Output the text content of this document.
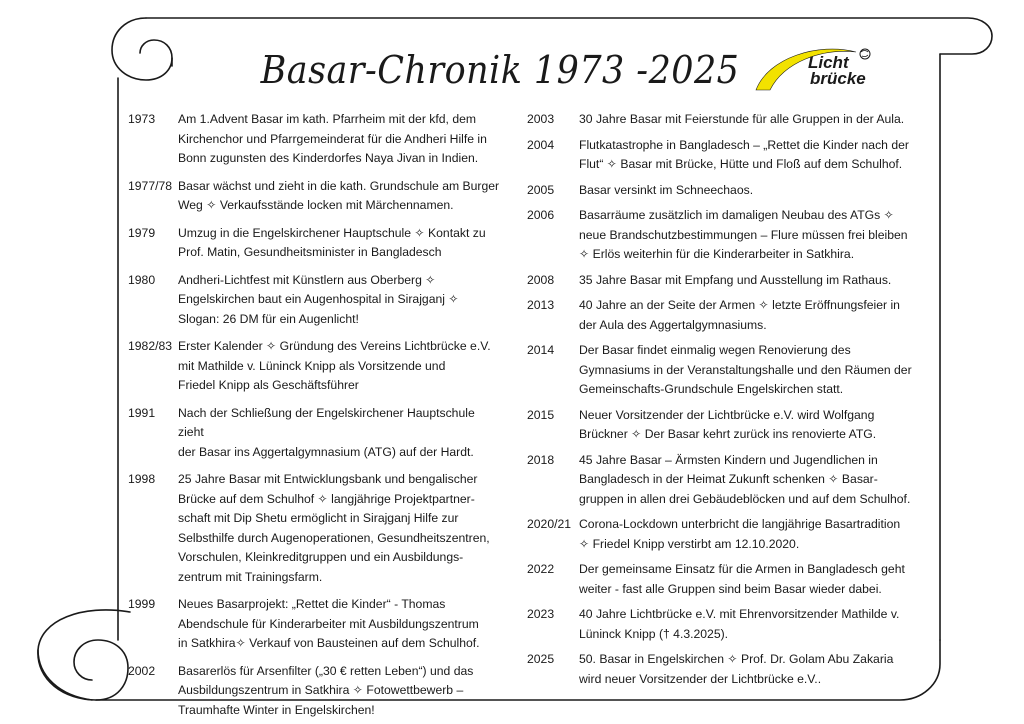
Basar-Chronik 1973 -2025	Licht
brücke
1973	Am 1.Advent Basar im kath. Pfarrheim mit der kfd, dem
Kirchenchor und Pfarrgemeinderat für die Andheri Hilfe in
Bonn zugunsten des Kinderdorfes Naya Jivan in Indien.
1977/78 Basar wächst und zieht in die kath. Grundschule am Burger
Weg ✧ Verkaufsstände locken mit Märchennamen.
1979	Umzug in die Engelskirchener Hauptschule ✧ Kontakt zu
Prof. Matin, Gesundheitsminister in Bangladesch
1980	Andheri-Lichtfest mit Künstlern aus Oberberg ✧
Engelskirchen baut ein Augenhospital in Sirajganj ✧
Slogan: 26 DM für ein Augenlicht!
1982/83 Erster Kalender ✧ Gründung des Vereins Lichtbrücke e.V.
mit Mathilde v. Lüninck Knipp als Vorsitzende und
Friedel Knipp als Geschäftsführer
1991	Nach der Schließung der Engelskirchener Hauptschule zieht
der Basar ins Aggertalgymnasium (ATG) auf der Hardt.
1998	25 Jahre Basar mit Entwicklungsbank und bengalischer
Brücke auf dem Schulhof ✧ langjährige Projektpartner-
schaft mit Dip Shetu ermöglicht in Sirajganj Hilfe zur
Selbsthilfe durch Augenoperationen, Gesundheitszentren,
Vorschulen, Kleinkreditgruppen und ein Ausbildungs-
zentrum mit Trainingsfarm.
1999	Neues Basarprojekt: „Rettet die Kinder“ - Thomas
Abendschule für Kinderarbeiter mit Ausbildungszentrum
in Satkhira✧ Verkauf von Bausteinen auf dem Schulhof.
2002	Basarerlös für Arsenfilter („30 € retten Leben“) und das
Ausbildungszentrum in Satkhira ✧ Fotowettbewerb –
Traumhafte Winter in Engelskirchen!
2003	30 Jahre Basar mit Feierstunde für alle Gruppen in der Aula.
2004	Flutkatastrophe in Bangladesch – „Rettet die Kinder nach der
Flut“ ✧ Basar mit Brücke, Hütte und Floß auf dem Schulhof.
2005	Basar versinkt im Schneechaos.
2006	Basarräume zusätzlich im damaligen Neubau des ATGs ✧
neue Brandschutzbestimmungen – Flure müssen frei bleiben
✧ Erlös weiterhin für die Kinderarbeiter in Satkhira.
2008	35 Jahre Basar mit Empfang und Ausstellung im Rathaus.
2013	40 Jahre an der Seite der Armen ✧ letzte Eröffnungsfeier in
der Aula des Aggertalgymnasiums.
2014	Der Basar findet einmalig wegen Renovierung des
Gymnasiums in der Veranstaltungshalle und den Räumen der
Gemeinschafts-Grundschule Engelskirchen statt.
2015	Neuer Vorsitzender der Lichtbrücke e.V. wird Wolfgang
Brückner ✧ Der Basar kehrt zurück ins renovierte ATG.
2018	45 Jahre Basar – Ärmsten Kindern und Jugendlichen in
Bangladesch in der Heimat Zukunft schenken ✧ Basar-
gruppen in allen drei Gebäudeblöcken und auf dem Schulhof.
2020/21 Corona-Lockdown unterbricht die langjährige Basartradition
✧ Friedel Knipp verstirbt am 12.10.2020.
2022	Der gemeinsame Einsatz für die Armen in Bangladesch geht
weiter - fast alle Gruppen sind beim Basar wieder dabei.
2023	40 Jahre Lichtbrücke e.V. mit Ehrenvorsitzender Mathilde v.
Lüninck Knipp († 4.3.2025).
2025	50. Basar in Engelskirchen ✧ Prof. Dr. Golam Abu Zakaria
wird neuer Vorsitzender der Lichtbrücke e.V..
